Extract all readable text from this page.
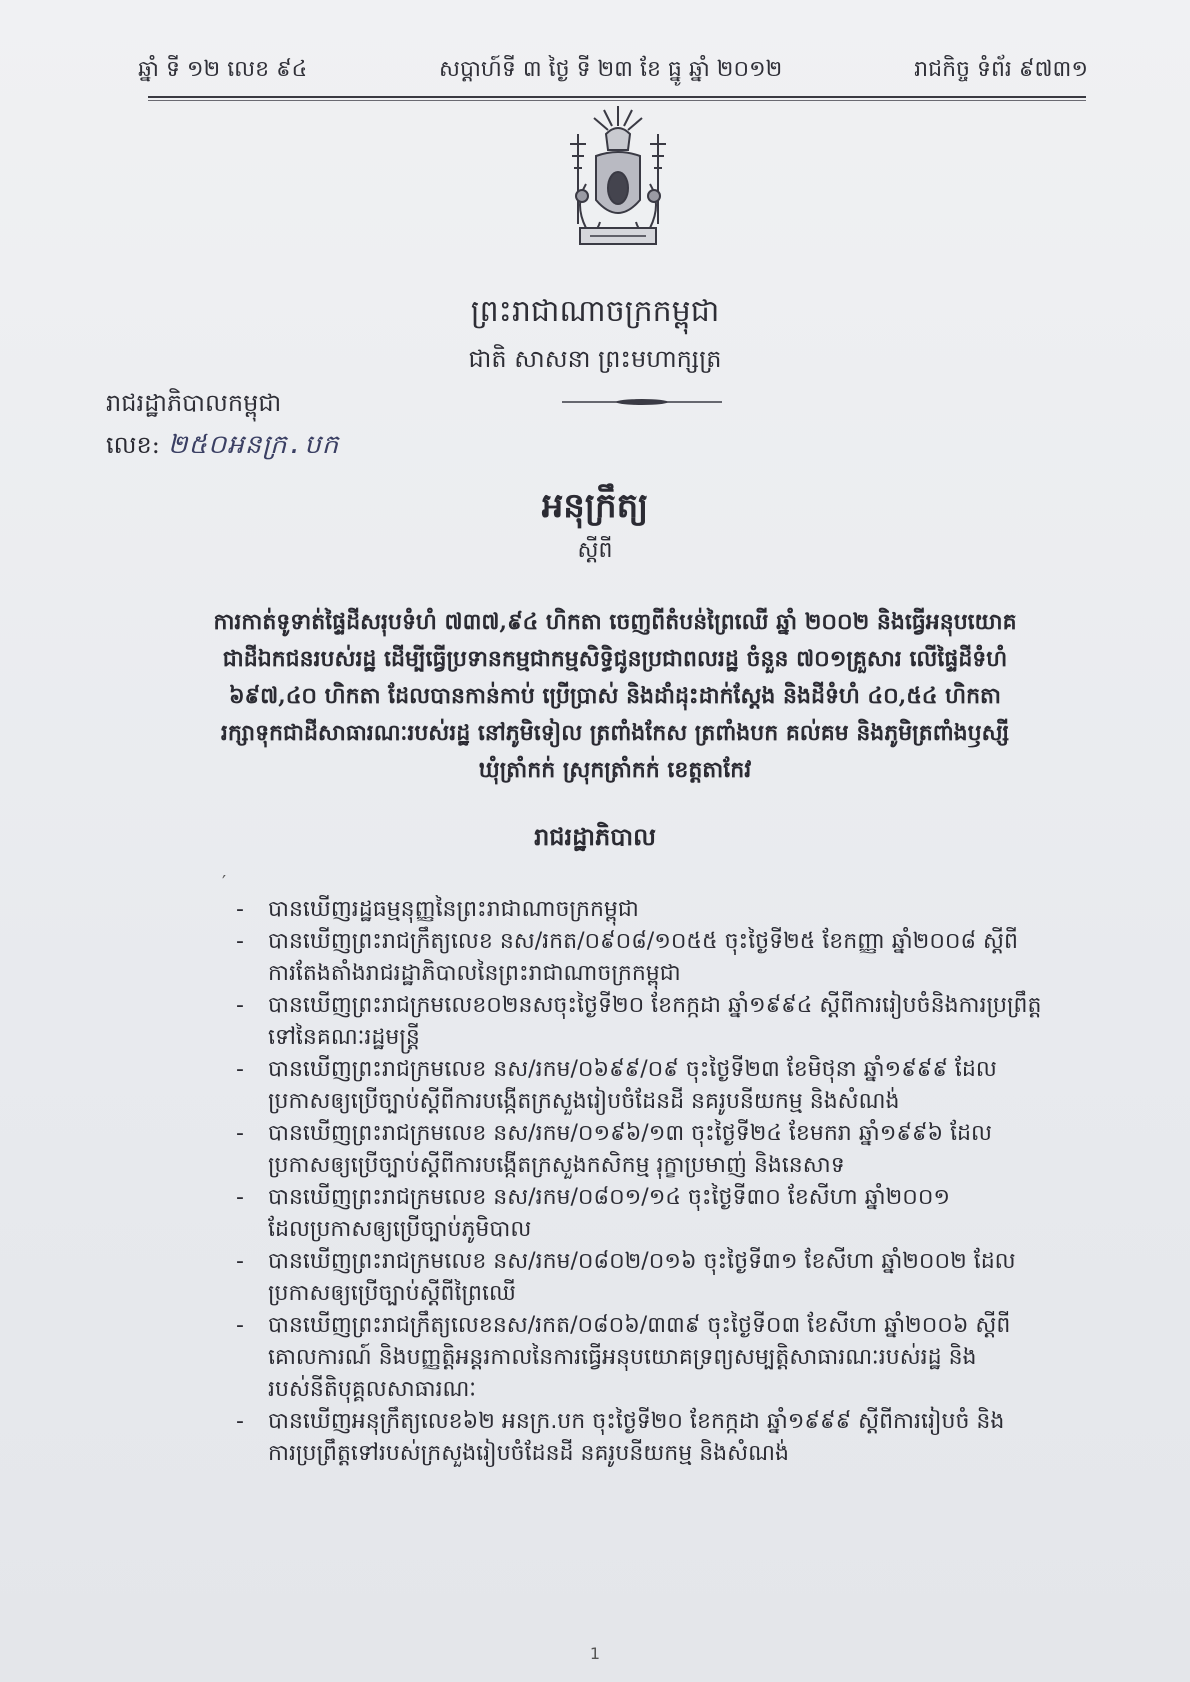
ឆ្នាំ ទី ១២ លេខ ៩៤	សប្តាហ៍ទី ៣ ថ្ងៃ ទី ២៣ ខែ ធ្នូ ឆ្នាំ ២០១២	រាជកិច្ច ទំព័រ ៩៧៣១
ព្រះរាជាណាចក្រកម្ពុជា
ជាតិ សាសនា ព្រះមហាក្សត្រ
រាជរដ្ឋាភិបាលកម្ពុជា
លេខ: ២៥០អនក្រ.បក
អនុក្រឹត្យ
ស្តីពី
ការកាត់ទូទាត់ផ្ទៃដីសរុបទំហំ ៧៣៧,៩៤ ហិកតា ចេញពីតំបន់ព្រៃឈើ ឆ្នាំ ២០០២ និងធ្វើអនុបយោគ
ជាដីឯកជនរបស់រដ្ឋ ដើម្បីធ្វើប្រទានកម្មជាកម្មសិទ្ធិជូនប្រជាពលរដ្ឋ ចំនួន ៧០១គ្រួសារ លើផ្ទៃដីទំហំ
៦៩៧,៤០ ហិកតា ដែលបានកាន់កាប់ ប្រើប្រាស់ និងដាំដុះដាក់ស្តែង និងដីទំហំ ៤០,៥៤ ហិកតា
រក្សាទុកជាដីសាធារណៈរបស់រដ្ឋ នៅភូមិទៀល ត្រពាំងកែស ត្រពាំងបក គល់គម និងភូមិត្រពាំងឫស្សី
ឃុំត្រាំកក់ ស្រុកត្រាំកក់ ខេត្តតាកែវ
រាជរដ្ឋាភិបាល
′
- បានឃើញរដ្ឋធម្មនុញ្ញនៃព្រះរាជាណាចក្រកម្ពុជា
- បានឃើញព្រះរាជក្រឹត្យលេខ នស/រកត/០៩០៨/១០៥៥ ចុះថ្ងៃទី២៥ ខែកញ្ញា ឆ្នាំ២០០៨ ស្តីពី
ការតែងតាំងរាជរដ្ឋាភិបាលនៃព្រះរាជាណាចក្រកម្ពុជា
- បានឃើញព្រះរាជក្រមលេខ០២នសចុះថ្ងៃទី២០ ខែកក្កដា ឆ្នាំ១៩៩៤ ស្តីពីការរៀបចំនិងការប្រព្រឹត្ត
ទៅនៃគណៈរដ្ឋមន្ត្រី
- បានឃើញព្រះរាជក្រមលេខ នស/រកម/០៦៩៩/០៩ ចុះថ្ងៃទី២៣ ខែមិថុនា ឆ្នាំ១៩៩៩ ដែល
ប្រកាសឲ្យប្រើច្បាប់ស្តីពីការបង្កើតក្រសួងរៀបចំដែនដី នគរូបនីយកម្ម និងសំណង់
- បានឃើញព្រះរាជក្រមលេខ នស/រកម/០១៩៦/១៣ ចុះថ្ងៃទី២៤ ខែមករា ឆ្នាំ១៩៩៦ ដែល
ប្រកាសឲ្យប្រើច្បាប់ស្តីពីការបង្កើតក្រសួងកសិកម្ម រុក្ខាប្រមាញ់ និងនេសាទ
- បានឃើញព្រះរាជក្រមលេខ នស/រកម/០៨០១/១៤ ចុះថ្ងៃទី៣០ ខែសីហា ឆ្នាំ២០០១
ដែលប្រកាសឲ្យប្រើច្បាប់ភូមិបាល
- បានឃើញព្រះរាជក្រមលេខ នស/រកម/០៨០២/០១៦ ចុះថ្ងៃទី៣១ ខែសីហា ឆ្នាំ២០០២ ដែល
ប្រកាសឲ្យប្រើច្បាប់ស្តីពីព្រៃឈើ
- បានឃើញព្រះរាជក្រឹត្យលេខនស/រកត/០៨០៦/៣៣៩ ចុះថ្ងៃទី០៣ ខែសីហា ឆ្នាំ២០០៦ ស្តីពី
គោលការណ៍ និងបញ្ញត្តិអន្តរកាលនៃការធ្វើអនុបយោគទ្រព្យសម្បត្តិសាធារណៈរបស់រដ្ឋ និង
របស់នីតិបុគ្គលសាធារណៈ
- បានឃើញអនុក្រឹត្យលេខ៦២ អនក្រ.បក ចុះថ្ងៃទី២០ ខែកក្កដា ឆ្នាំ១៩៩៩ ស្តីពីការរៀបចំ និង
ការប្រព្រឹត្តទៅរបស់ក្រសួងរៀបចំដែនដី នគរូបនីយកម្ម និងសំណង់
1
